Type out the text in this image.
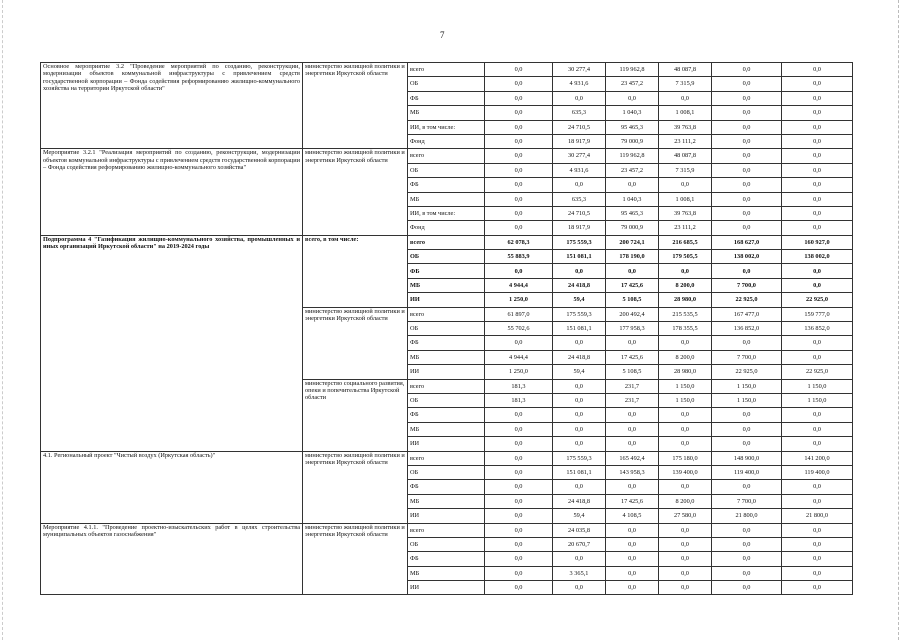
7
Основное мероприятие 3.2 "Проведение мероприятий по созданию, реконструкции, модернизации объектов коммунальной инфраструктуры с привлечением средств государственной корпорации – Фонда содействия реформированию жилищно-коммунального хозяйства на территории Иркутской области"	министерство жилищной политики и энергетики Иркутской области	всего	0,0	30 277,4	119 962,8	48 087,8	0,0	0,0
		ОБ	0,0	4 931,6	23 457,2	7 315,9	0,0	0,0
		ФБ	0,0	0,0	0,0	0,0	0,0	0,0
		МБ	0,0	635,3	1 040,3	1 008,1	0,0	0,0
		ИИ, в том числе:	0,0	24 710,5	95 465,3	39 763,8	0,0	0,0
		Фонд	0,0	18 917,9	79 000,9	23 111,2	0,0	0,0
Мероприятие 3.2.1 "Реализация мероприятий по созданию, реконструкции, модернизации объектов коммунальной инфраструктуры с привлечением средств государственной корпорации – Фонда содействия реформированию жилищно-коммунального хозяйства"	министерство жилищной политики и энергетики Иркутской области	всего	0,0	30 277,4	119 962,8	48 087,8	0,0	0,0
		ОБ	0,0	4 931,6	23 457,2	7 315,9	0,0	0,0
		ФБ	0,0	0,0	0,0	0,0	0,0	0,0
		МБ	0,0	635,3	1 040,3	1 008,1	0,0	0,0
		ИИ, в том числе:	0,0	24 710,5	95 465,3	39 763,8	0,0	0,0
		Фонд	0,0	18 917,9	79 000,9	23 111,2	0,0	0,0
Подпрограмма 4 "Газификация жилищно-коммунального хозяйства, промышленных и иных организаций Иркутской области" на 2019-2024 годы	всего, в том числе:	всего	62 078,3	175 559,3	200 724,1	216 685,5	168 627,0	160 927,0
		ОБ	55 883,9	151 081,1	178 190,0	179 505,5	138 002,0	138 002,0
		ФБ	0,0	0,0	0,0	0,0	0,0	0,0
		МБ	4 944,4	24 418,8	17 425,6	8 200,0	7 700,0	0,0
		ИИ	1 250,0	59,4	5 108,5	28 980,0	22 925,0	22 925,0
	министерство жилищной политики и энергетики Иркутской области	всего	61 897,0	175 559,3	200 492,4	215 535,5	167 477,0	159 777,0
		ОБ	55 702,6	151 081,1	177 958,3	178 355,5	136 852,0	136 852,0
		ФБ	0,0	0,0	0,0	0,0	0,0	0,0
		МБ	4 944,4	24 418,8	17 425,6	8 200,0	7 700,0	0,0
		ИИ	1 250,0	59,4	5 108,5	28 980,0	22 925,0	22 925,0
	министерство социального развития, опеки и попечительства Иркутской области	всего	181,3	0,0	231,7	1 150,0	1 150,0	1 150,0
		ОБ	181,3	0,0	231,7	1 150,0	1 150,0	1 150,0
		ФБ	0,0	0,0	0,0	0,0	0,0	0,0
		МБ	0,0	0,0	0,0	0,0	0,0	0,0
		ИИ	0,0	0,0	0,0	0,0	0,0	0,0
4.1. Региональный проект "Чистый воздух (Иркутская область)"	министерство жилищной политики и энергетики Иркутской области	всего	0,0	175 559,3	165 492,4	175 180,0	148 900,0	141 200,0
		ОБ	0,0	151 081,1	143 958,3	139 400,0	119 400,0	119 400,0
		ФБ	0,0	0,0	0,0	0,0	0,0	0,0
		МБ	0,0	24 418,8	17 425,6	8 200,0	7 700,0	0,0
		ИИ	0,0	59,4	4 108,5	27 580,0	21 800,0	21 800,0
Мероприятие 4.1.1. "Проведение проектно-изыскательских работ в целях строительства муниципальных объектов газоснабжения"	министерство жилищной политики и энергетики Иркутской области	всего	0,0	24 035,8	0,0	0,0	0,0	0,0
		ОБ	0,0	20 670,7	0,0	0,0	0,0	0,0
		ФБ	0,0	0,0	0,0	0,0	0,0	0,0
		МБ	0,0	3 365,1	0,0	0,0	0,0	0,0
		ИИ	0,0	0,0	0,0	0,0	0,0	0,0
